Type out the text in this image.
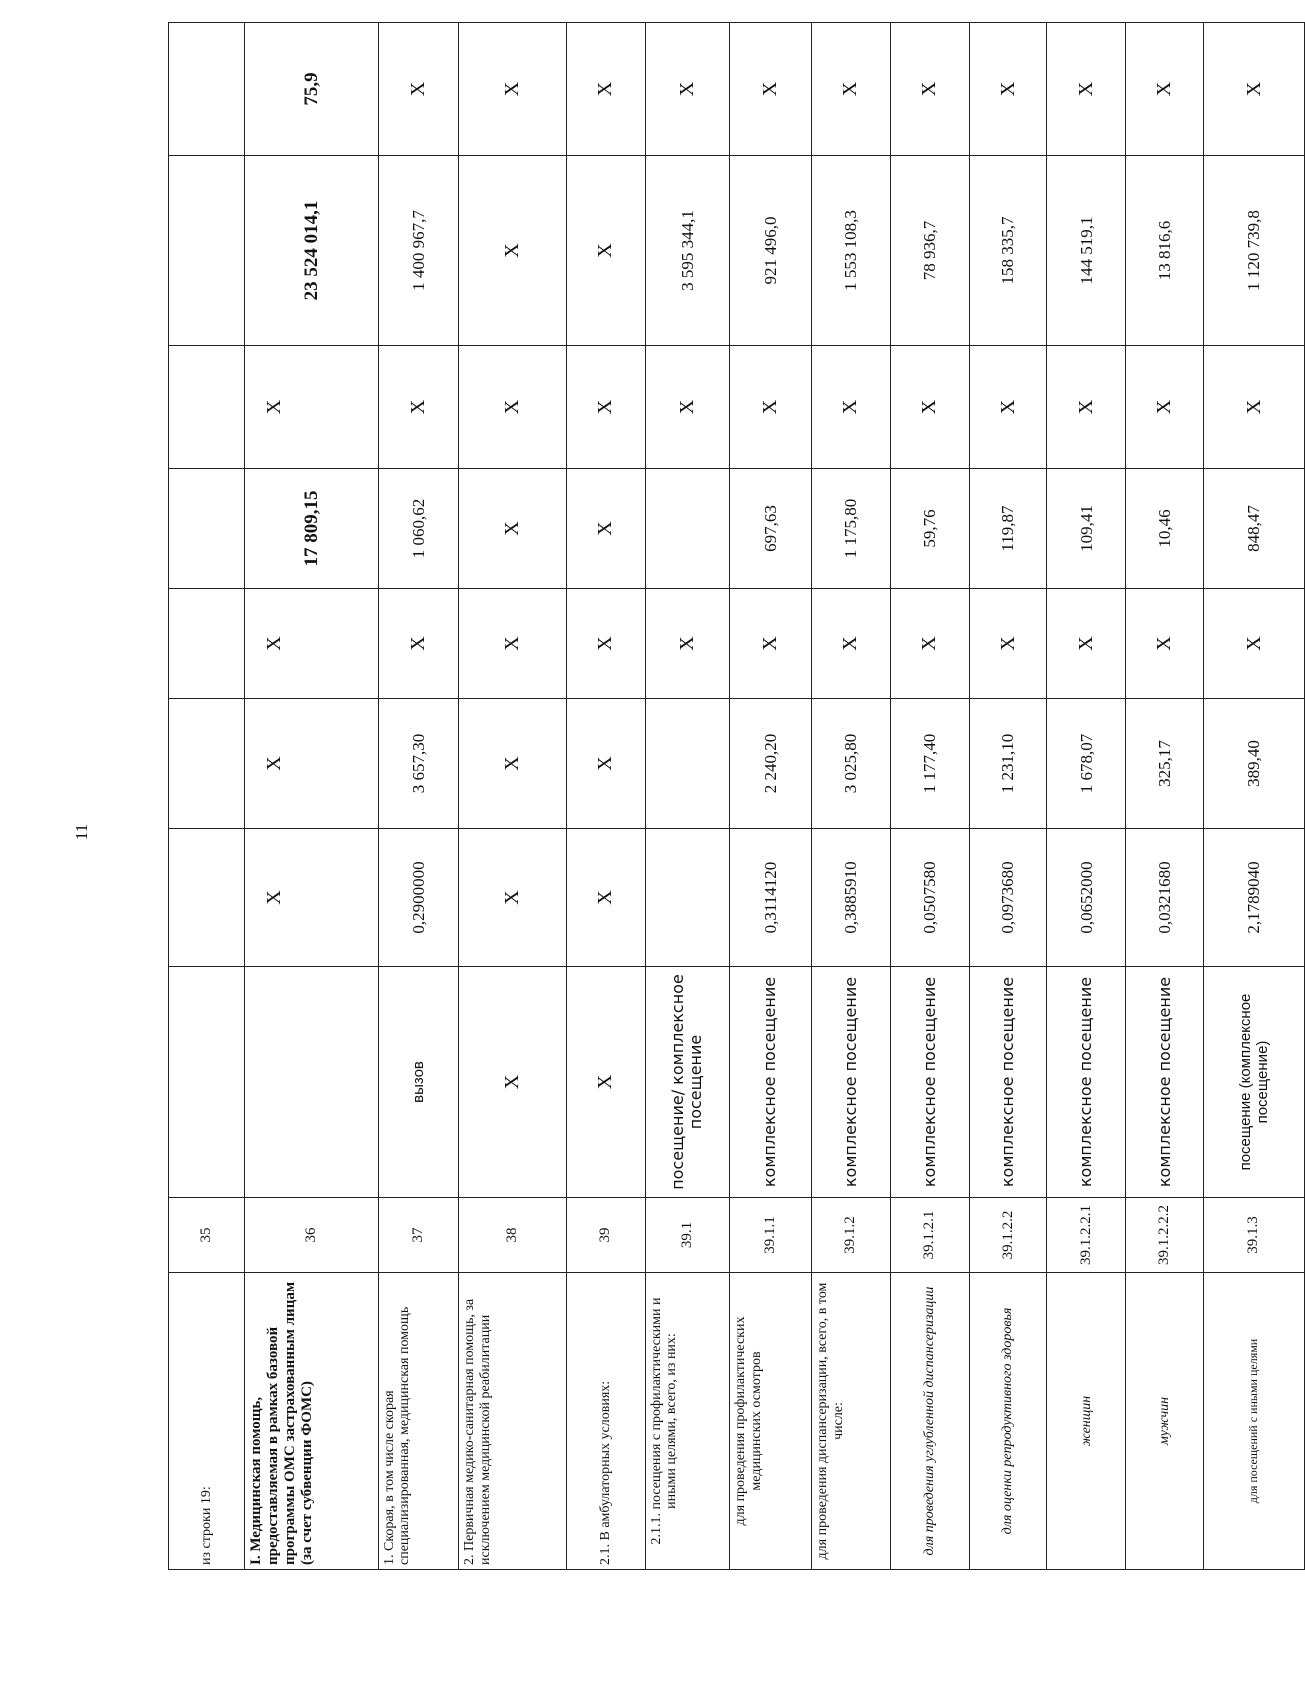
11
из строки 19:	35								
I. Медицинская помощь, предоставляемая в рамках базовой программы ОМС застрахованным лицам (за счет субвенции ФОМС)	36		X	X	X	17 809,15	X	23 524 014,1	75,9

1. Скорая, в том числе скорая специализированная, медицинская помощь	37	вызов	0,2900000	3 657,30	X	1 060,62	X	1 400 967,7	X
2. Первичная медико-санитарная помощь, за исключением медицинской реабилитации	38	X	X	X	X	X	X	X	X
2.1. В амбулаторных условиях:	39	X	X	X	X	X	X	X	X
2.1.1. посещения с профилактическими и иными целями, всего, из них:	39.1	посещение/ комплексное посещение			X		X	3 595 344,1	X
для проведения профилактических медицинских осмотров	39.1.1	комплексное посещение	0,3114120	2 240,20	X	697,63	X	921 496,0	X
для проведения диспансеризации, всего, в том числе:	39.1.2	комплексное посещение	0,3885910	3 025,80	X	1 175,80	X	1 553 108,3	X
для проведения углубленной диспансеризации	39.1.2.1	комплексное посещение	0,0507580	1 177,40	X	59,76	X	78 936,7	X
для оценки репродуктивного здоровья	39.1.2.2	комплексное посещение	0,0973680	1 231,10	X	119,87	X	158 335,7	X
женщин	39.1.2.2.1	комплексное посещение	0,0652000	1 678,07	X	109,41	X	144 519,1	X
мужчин	39.1.2.2.2	комплексное посещение	0,0321680	325,17	X	10,46	X	13 816,6	X
для посещений с иными целями	39.1.3	посещение (комплексное посещение)	2,1789040	389,40	X	848,47	X	1 120 739,8	X
